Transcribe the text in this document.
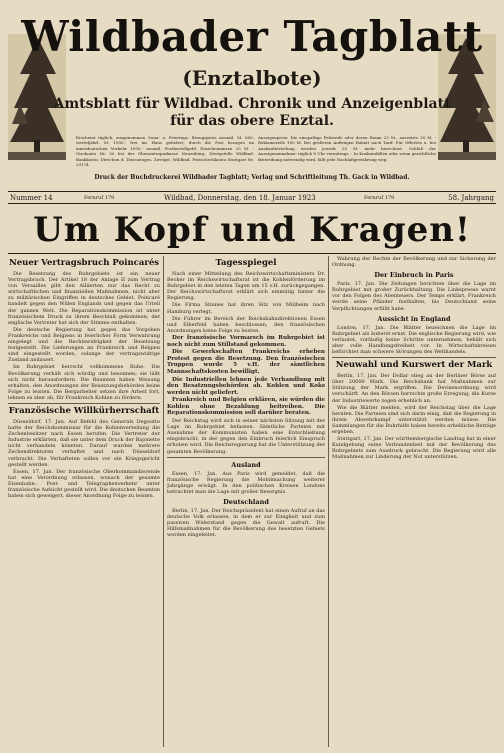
Wildbader Tagblatt
(Enztalbote)
Amtsblatt für Wildbad. Chronik und Anzeigenblatt
für das obere Enztal.
Erscheint täglich, ausgenommen Sonn- u. Feiertags. Bezugspreis monatl. M. 650, vierteljährl. M. 1950.- frei ins Haus geliefert; durch die Post bezogen im innerdeutschen Verkehr 1950.- monatl. Postbestellgeld. Einzelnummern 25 M. - Girokonto Nr. 50 bei der Oberamtssparkasse Neuenbürg, Zweigstelle Wildbad. Bankkonto: Direction d. Discontoges. Zweigst. Wildbad. Postscheckkonto Stuttgart Nr. 29174.
Anzeigenpreis: Die einspaltige Petitzeile oder deren Raum 25 M., auswärts 30 M. - Reklamezeile 100 M. Bei größeren Aufträgen Rabatt nach Tarif. Für Offerten u. bei Auskunfterteilung werden jeweils 20 M. mehr berechnet. Schluß der Anzeigenannahme: täglich 8 Uhr vormittags. - In Konkursfällen oder wenn gerichtliche Beitreibung notwendig wird, fällt jede Nachlaßgewährung weg.
Druck der Buchdruckerei Wildbader Tagblatt; Verlag und Schriftleitung Th. Gack in Wildbad.
Nummer 14	Fernruf 179	Wildbad, Donnerstag, den 18. Januar 1923	Fernruf 179	58. Jahrgang
Um Kopf und Kragen!
Neuer Vertragsbruch Poincarés

Die Besetzung des Ruhrgebiets ist ein neuer Vertragsbruch. Der Artikel 18 der Anlage II zum Vertrag von Versailles gibt den Alliierten nur das Recht zu wirtschaftlichen und finanziellen Maßnahmen, nicht aber zu militärischen Eingriffen in deutsches Gebiet. Poincaré handelt gegen den Willen Englands und gegen das Urteil der ganzen Welt. Die Reparationskommission ist unter französischem Druck zu ihrem Beschluß gekommen; der englische Vertreter hat sich der Stimme enthalten.

Die deutsche Regierung hat gegen das Vorgehen Frankreichs und Belgiens in feierlicher Form Verwahrung eingelegt und die Rechtswidrigkeit der Besetzung festgestellt. Die Lieferungen an Frankreich und Belgien sind eingestellt worden, solange der vertragswidrige Zustand andauert.

Im Ruhrgebiet herrscht vollkommene Ruhe. Die Bevölkerung verhält sich würdig und besonnen; sie läßt sich nicht herausfordern. Die Beamten haben Weisung erhalten, den Anordnungen der Besatzungsbehörden keine Folge zu leisten. Die Bergarbeiter setzen ihre Arbeit fort, lehnen es aber ab, für Frankreich Kohlen zu fördern.

Französische Willkürherrschaft

Düsseldorf, 17. Jan. Auf Befehl des Generals Degoutte hatte der Reichskommissar für die Kohlenverteilung die Zechenbesitzer nach Essen berufen. Die Vertreter der Industrie erklärten, daß sie unter dem Druck der Bajonette nicht verhandeln könnten. Darauf wurden mehrere Zechendirektoren verhaftet und nach Düsseldorf verbracht. Die Verhafteten sollen vor ein Kriegsgericht gestellt werden.

Essen, 17. Jan. Der französische Oberkommandierende hat eine Verordnung erlassen, wonach der gesamte Eisenbahn-, Post- und Telegraphenverkehr unter französische Aufsicht gestellt wird. Die deutschen Beamten haben sich geweigert, dieser Anordnung Folge zu leisten.

Tagesspiegel

Nach einer Mitteilung des Reichswirtschaftsministers Dr. Becker im Reichswirtschaftsrat ist die Kohlenförderung im Ruhrgebiet in den letzten Tagen um 15 v.H. zurückgegangen. Der Reichswirtschaftsrat erklärt sich einmütig hinter die Regierung.

Die Firma Stinnes hat ihren Sitz von Mülheim nach Hamburg verlegt.

Die Führer im Bereich der Reichsbahndirektionen Essen und Elberfeld haben beschlossen, den französischen Anordnungen keine Folge zu leisten.

Der französische Vormarsch im Ruhrgebiet ist noch nicht zum Stillstand gekommen.

Die Gewerkschaften Frankreichs erheben Protest gegen die Besetzung. Den französischen Truppen wurde 5 v.H. der sämtlichen Mannschaftskosten bewilligt.

Die Industriellen lehnen jede Verhandlung mit den Besatzungsbehörden ab. Kohlen und Koks werden nicht geliefert.

Frankreich und Belgien erklären, sie würden die Kohlen ohne Bezahlung beitreiben. Die Reparationskommission soll darüber beraten.

Der Reichstag wird sich in seiner nächsten Sitzung mit der Lage im Ruhrgebiet befassen. Sämtliche Parteien mit Ausnahme der Kommunisten haben eine Entschließung eingebracht, in der gegen den Einbruch feierlich Einspruch erhoben wird. Die Reichsregierung hat die Unterstützung der gesamten Bevölkerung.

Ausland

Essen, 17. Jan. Aus Paris wird gemeldet, daß die französische Regierung die Mobilmachung weiterer Jahrgänge erwägt. In den politischen Kreisen Londons betrachtet man die Lage mit großer Besorgnis.

Deutschland

Berlin, 17. Jan. Der Reichspräsident hat einen Aufruf an das deutsche Volk erlassen, in dem er zur Einigkeit und zum passiven Widerstand gegen die Gewalt aufruft. Die Hilfsmaßnahmen für die Bevölkerung des besetzten Gebiets werden eingeleitet.

Wahrung der Rechte der Bevölkerung und zur Sicherung der Ordnung.

Der Einbruch in Paris

Paris, 17. Jan. Die Zeitungen berichten über die Lage im Ruhrgebiet mit großer Zurückhaltung. Die Linkspresse warnt vor den Folgen des Abenteuers. Der Temps erklärt, Frankreich werde seine Pfänder festhalten, bis Deutschland seine Verpflichtungen erfüllt habe.

Aussicht in England

London, 17. Jan. Die Blätter bezeichnen die Lage im Ruhrgebiet als äußerst ernst. Die englische Regierung wird, wie verlautet, vorläufig keine Schritte unternehmen, behält sich aber volle Handlungsfreiheit vor. In Wirtschaftskreisen befürchtet man schwere Störungen des Welthandels.

Neuwahl und Kurswert der Mark

Berlin, 17. Jan. Der Dollar stieg an der Berliner Börse auf über 20000 Mark. Die Reichsbank hat Maßnahmen zur Stützung der Mark ergriffen. Die Devisenordnung wird verschärft. An den Börsen herrschte große Erregung; die Kurse der Industriewerte zogen erheblich an.

Wie die Blätter melden, wird der Reichstag über die Lage beraten. Die Parteien sind sich darin einig, daß die Regierung in ihrem Abwehrkampf unterstützt werden müsse. Die Sammlungen für die Ruhrhilfe haben bereits erhebliche Beträge ergeben.

Stuttgart, 17. Jan. Der württembergische Landtag hat in einer Kundgebung seine Verbundenheit mit der Bevölkerung des Ruhrgebiets zum Ausdruck gebracht. Die Regierung wird alle Maßnahmen zur Linderung der Not unterstützen.
